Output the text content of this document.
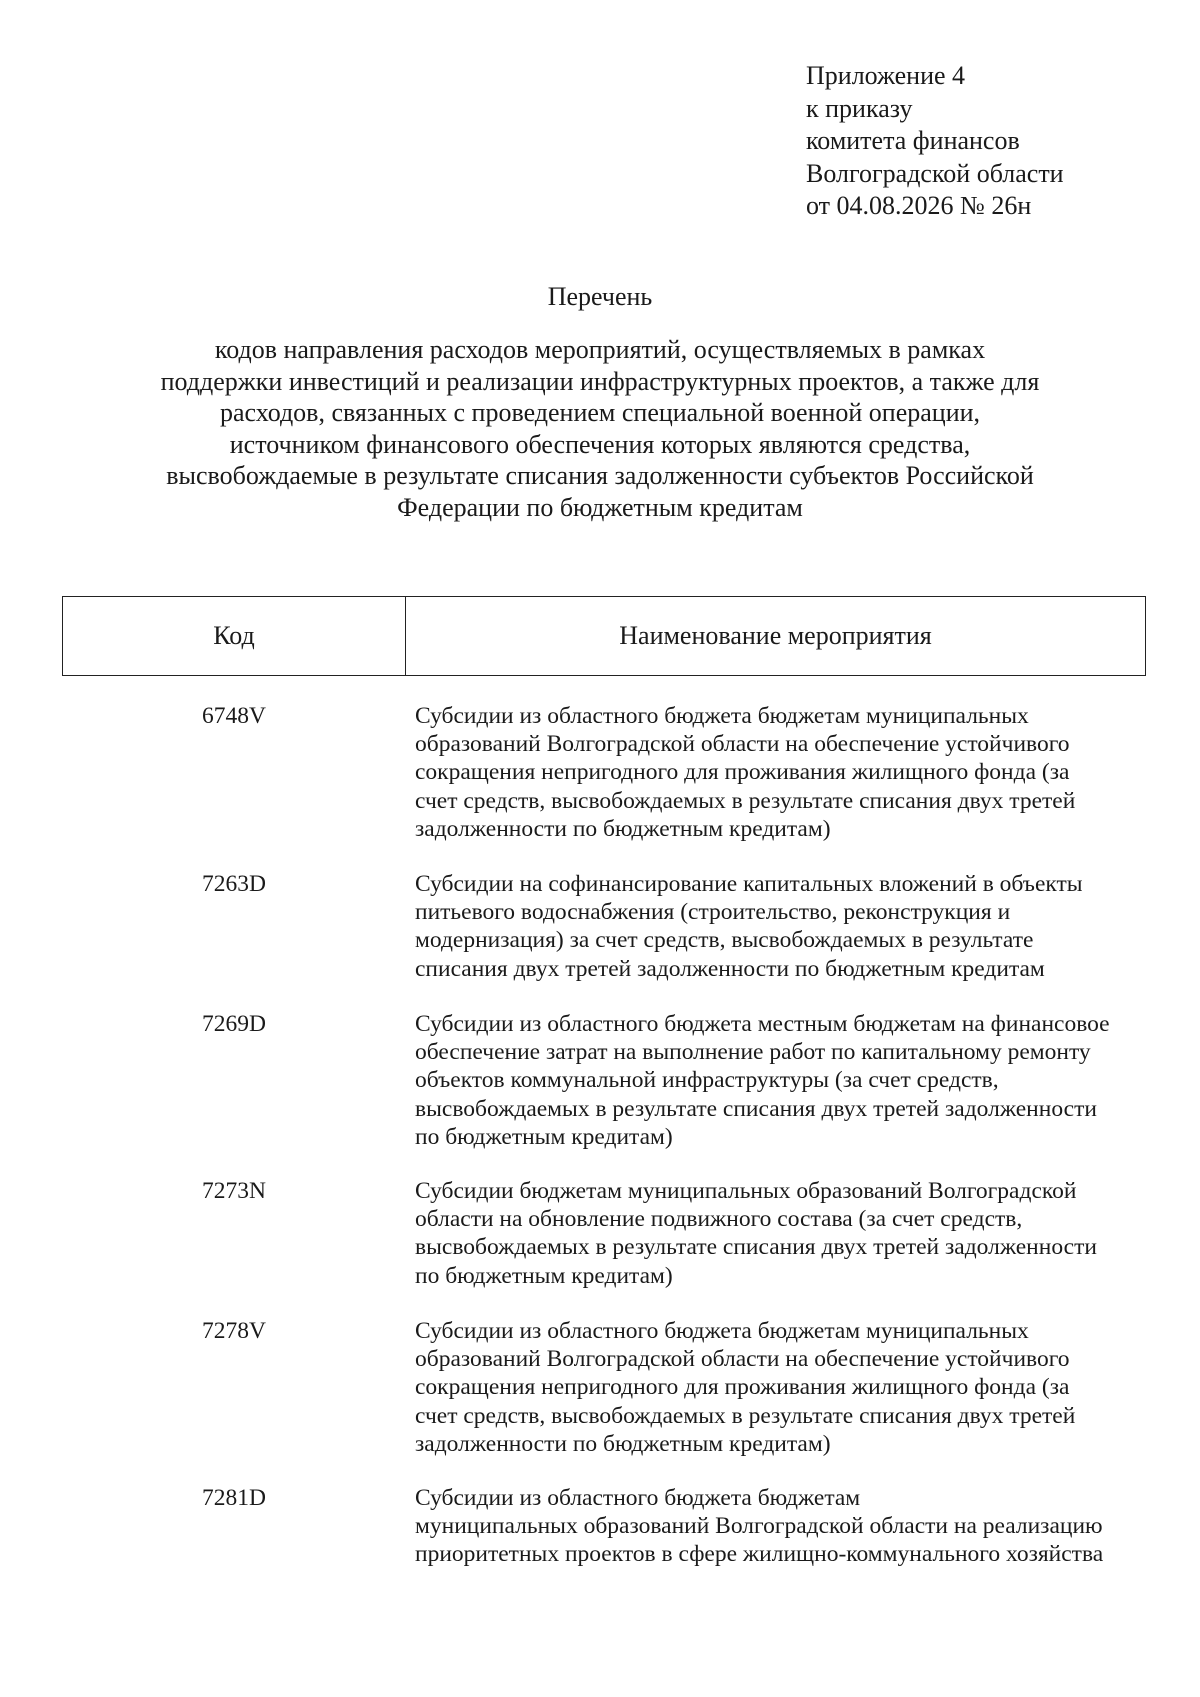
Приложение 4
к приказу
комитета финансов
Волгоградской области
от 04.08.2026 № 26н
Перечень
кодов направления расходов мероприятий, осуществляемых в рамках
поддержки инвестиций и реализации инфраструктурных проектов, а также для
расходов, связанных с проведением специальной военной операции,
источником финансового обеспечения которых являются средства,
высвобождаемые в результате списания задолженности субъектов Российской
Федерации по бюджетным кредитам
Код	Наименование мероприятия
6748V	Субсидии из областного бюджета бюджетам муниципальных
образований Волгоградской области на обеспечение устойчивого
сокращения непригодного для проживания жилищного фонда (за
счет средств, высвобождаемых в результате списания двух третей
задолженности по бюджетным кредитам)
7263D	Субсидии на софинансирование капитальных вложений в объекты
питьевого водоснабжения (строительство, реконструкция и
модернизация) за счет средств, высвобождаемых в результате
списания двух третей задолженности по бюджетным кредитам
7269D	Субсидии из областного бюджета местным бюджетам на финансовое
обеспечение затрат на выполнение работ по капитальному ремонту
объектов коммунальной инфраструктуры (за счет средств,
высвобождаемых в результате списания двух третей задолженности
по бюджетным кредитам)
7273N	Субсидии бюджетам муниципальных образований Волгоградской
области на обновление подвижного состава (за счет средств,
высвобождаемых в результате списания двух третей задолженности
по бюджетным кредитам)
7278V	Субсидии из областного бюджета бюджетам муниципальных
образований Волгоградской области на обеспечение устойчивого
сокращения непригодного для проживания жилищного фонда (за
счет средств, высвобождаемых в результате списания двух третей
задолженности по бюджетным кредитам)
7281D	Субсидии из областного бюджета бюджетам
муниципальных образований Волгоградской области на реализацию
приоритетных проектов в сфере жилищно-коммунального хозяйства
